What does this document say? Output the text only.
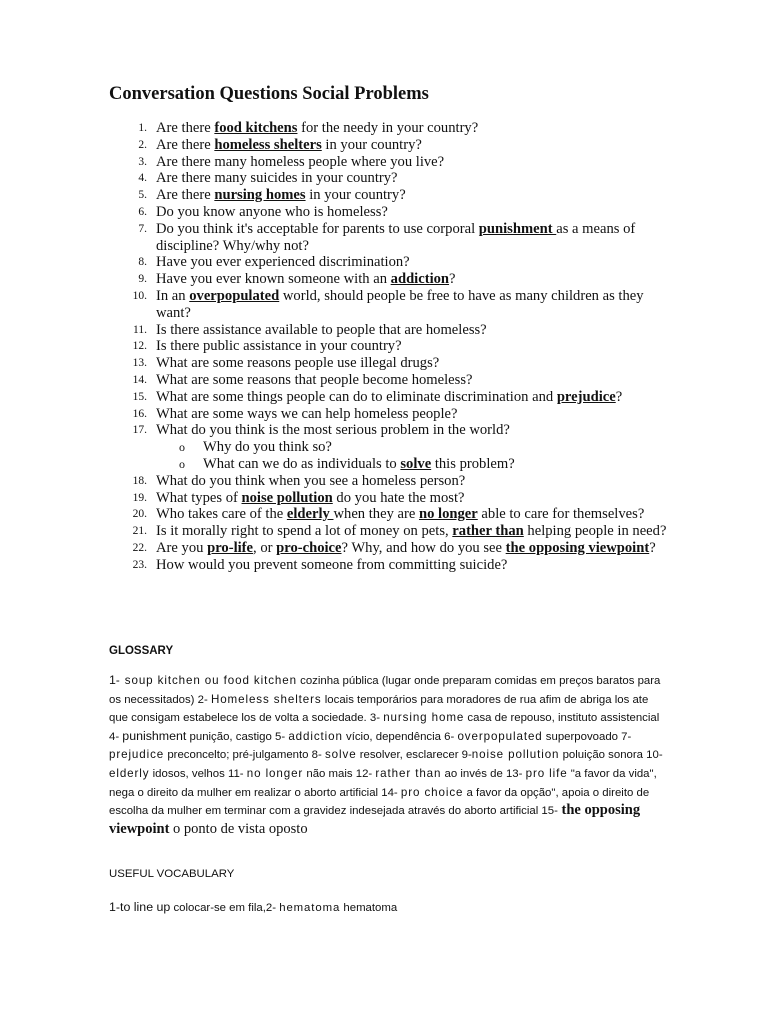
Conversation Questions Social Problems
1. Are there food kitchens for the needy in your country?
2. Are there homeless shelters in your country?
3. Are there many homeless people where you live?
4. Are there many suicides in your country?
5. Are there nursing homes in your country?
6. Do you know anyone who is homeless?
7. Do you think it's acceptable for parents to use corporal punishment as a means of discipline? Why/why not?
8. Have you ever experienced discrimination?
9. Have you ever known someone with an addiction?
10. In an overpopulated world, should people be free to have as many children as they want?
11. Is there assistance available to people that are homeless?
12. Is there public assistance in your country?
13. What are some reasons people use illegal drugs?
14. What are some reasons that people become homeless?
15. What are some things people can do to eliminate discrimination and prejudice?
16. What are some ways we can help homeless people?
17. What do you think is the most serious problem in the world?
o Why do you think so?
o What can we do as individuals to solve this problem?
18. What do you think when you see a homeless person?
19. What types of noise pollution do you hate the most?
20. Who takes care of the elderly when they are no longer able to care for themselves?
21. Is it morally right to spend a lot of money on pets, rather than helping people in need?
22. Are you pro-life, or pro-choice? Why, and how do you see the opposing viewpoint?
23. How would you prevent someone from committing suicide?
GLOSSARY

1- soup kitchen ou food kitchen cozinha pública (lugar onde preparam comidas em preços baratos para os necessitados) 2- Homeless shelters locais temporários para moradores de rua afim de abriga los ate que consigam estabelece los de volta a sociedade. 3- nursing home casa de repouso, instituto assistencial 4- punishment punição, castigo 5- addiction vício, dependência 6- overpopulated superpovoado 7- prejudice preconcelto; pré-julgamento 8- solve resolver, esclarecer 9-noise pollution poluição sonora 10- elderly idosos, velhos 11- no longer não mais 12- rather than ao invés de 13- pro life "a favor da vida", nega o direito da mulher em realizar o aborto artificial 14- pro choice a favor da opção", apoia o direito de escolha da mulher em terminar com a gravidez indesejada através do aborto artificial 15- the opposing viewpoint o ponto de vista oposto

USEFUL VOCABULARY

1-to line up colocar-se em fila,2- hematoma hematoma
